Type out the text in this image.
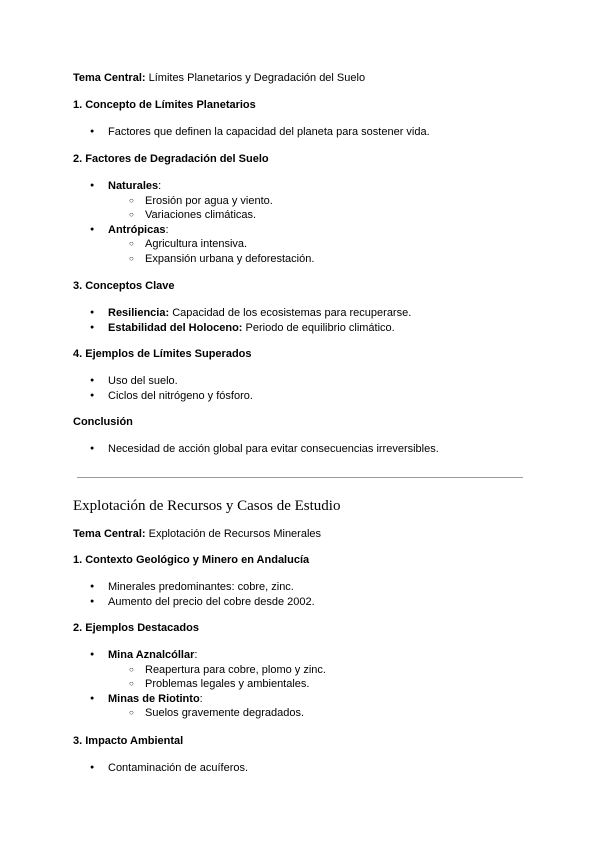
Tema Central: Límites Planetarios y Degradación del Suelo

1. Concepto de Límites Planetarios

● Factores que definen la capacidad del planeta para sostener vida.

2. Factores de Degradación del Suelo

● Naturales:
○ Erosión por agua y viento.
○ Variaciones climáticas.
● Antrópicas:
○ Agricultura intensiva.
○ Expansión urbana y deforestación.

3. Conceptos Clave

● Resiliencia: Capacidad de los ecosistemas para recuperarse.
● Estabilidad del Holoceno: Periodo de equilibrio climático.

4. Ejemplos de Límites Superados

● Uso del suelo.
● Ciclos del nitrógeno y fósforo.

Conclusión

● Necesidad de acción global para evitar consecuencias irreversibles.
Explotación de Recursos y Casos de Estudio

Tema Central: Explotación de Recursos Minerales

1. Contexto Geológico y Minero en Andalucía

● Minerales predominantes: cobre, zinc.
● Aumento del precio del cobre desde 2002.

2. Ejemplos Destacados

● Mina Aznalcóllar:
○ Reapertura para cobre, plomo y zinc.
○ Problemas legales y ambientales.
● Minas de Riotinto:
○ Suelos gravemente degradados.

3. Impacto Ambiental

● Contaminación de acuíferos.
